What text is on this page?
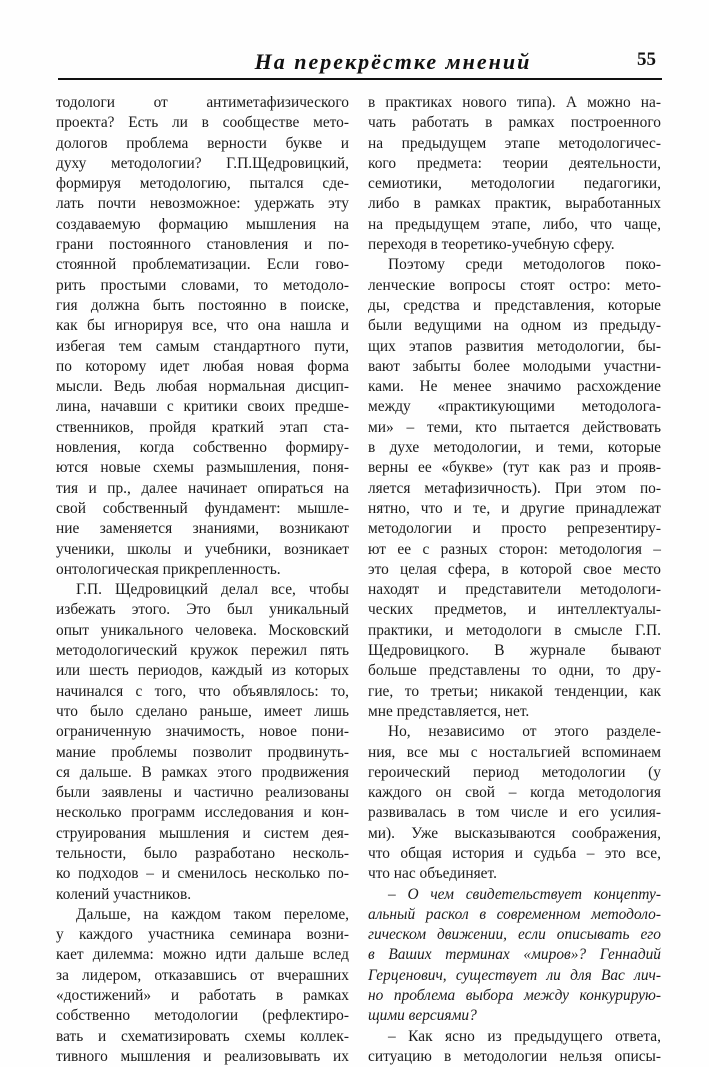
На перекрёстке мнений	55
тодологи от антиметафизического
проекта? Есть ли в сообществе мето-
дологов проблема верности букве и
духу методологии? Г.П.Щедровицкий,
формируя методологию, пытался сде-
лать почти невозможное: удержать эту
создаваемую формацию мышления на
грани постоянного становления и по-
стоянной проблематизации. Если гово-
рить простыми словами, то методоло-
гия должна быть постоянно в поиске,
как бы игнорируя все, что она нашла и
избегая тем самым стандартного пути,
по которому идет любая новая форма
мысли. Ведь любая нормальная дисцип-
лина, начавши с критики своих предше-
ственников, пройдя краткий этап ста-
новления, когда собственно формиру-
ются новые схемы размышления, поня-
тия и пр., далее начинает опираться на
свой собственный фундамент: мышле-
ние заменяется знаниями, возникают
ученики, школы и учебники, возникает
онтологическая прикрепленность.
Г.П. Щедровицкий делал все, чтобы
избежать этого. Это был уникальный
опыт уникального человека. Московский
методологический кружок пережил пять
или шесть периодов, каждый из которых
начинался с того, что объявлялось: то,
что было сделано раньше, имеет лишь
ограниченную значимость, новое пони-
мание проблемы позволит продвинуть-
ся дальше. В рамках этого продвижения
были заявлены и частично реализованы
несколько программ исследования и кон-
струирования мышления и систем дея-
тельности, было разработано несколь-
ко подходов – и сменилось несколько по-
колений участников.
Дальше, на каждом таком переломе,
у каждого участника семинара возни-
кает дилемма: можно идти дальше вслед
за лидером, отказавшись от вчерашних
«достижений» и работать в рамках
собственно методологии (рефлектиро-
вать и схематизировать схемы коллек-
тивного мышления и реализовывать их
в практиках нового типа). А можно на-
чать работать в рамках построенного
на предыдущем этапе методологичес-
кого предмета: теории деятельности,
семиотики, методологии педагогики,
либо в рамках практик, выработанных
на предыдущем этапе, либо, что чаще,
переходя в теоретико-учебную сферу.
Поэтому среди методологов поко-
ленческие вопросы стоят остро: мето-
ды, средства и представления, которые
были ведущими на одном из предыду-
щих этапов развития методологии, бы-
вают забыты более молодыми участни-
ками. Не менее значимо расхождение
между «практикующими методолога-
ми» – теми, кто пытается действовать
в духе методологии, и теми, которые
верны ее «букве» (тут как раз и прояв-
ляется метафизичность). При этом по-
нятно, что и те, и другие принадлежат
методологии и просто репрезентиру-
ют ее с разных сторон: методология –
это целая сфера, в которой свое место
находят и представители методологи-
ческих предметов, и интеллектуалы-
практики, и методологи в смысле Г.П.
Щедровицкого. В журнале бывают
больше представлены то одни, то дру-
гие, то третьи; никакой тенденции, как
мне представляется, нет.
Но, независимо от этого разделе-
ния, все мы с ностальгией вспоминаем
героический период методологии (у
каждого он свой – когда методология
развивалась в том числе и его усилия-
ми). Уже высказываются соображения,
что общая история и судьба – это все,
что нас объединяет.
– О чем свидетельствует концепту-
альный раскол в современном методоло-
гическом движении, если описывать его
в Ваших терминах «миров»? Геннадий
Герценович, существует ли для Вас лич-
но проблема выбора между конкурирую-
щими версиями?
– Как ясно из предыдущего ответа,
ситуацию в методологии нельзя описы-
